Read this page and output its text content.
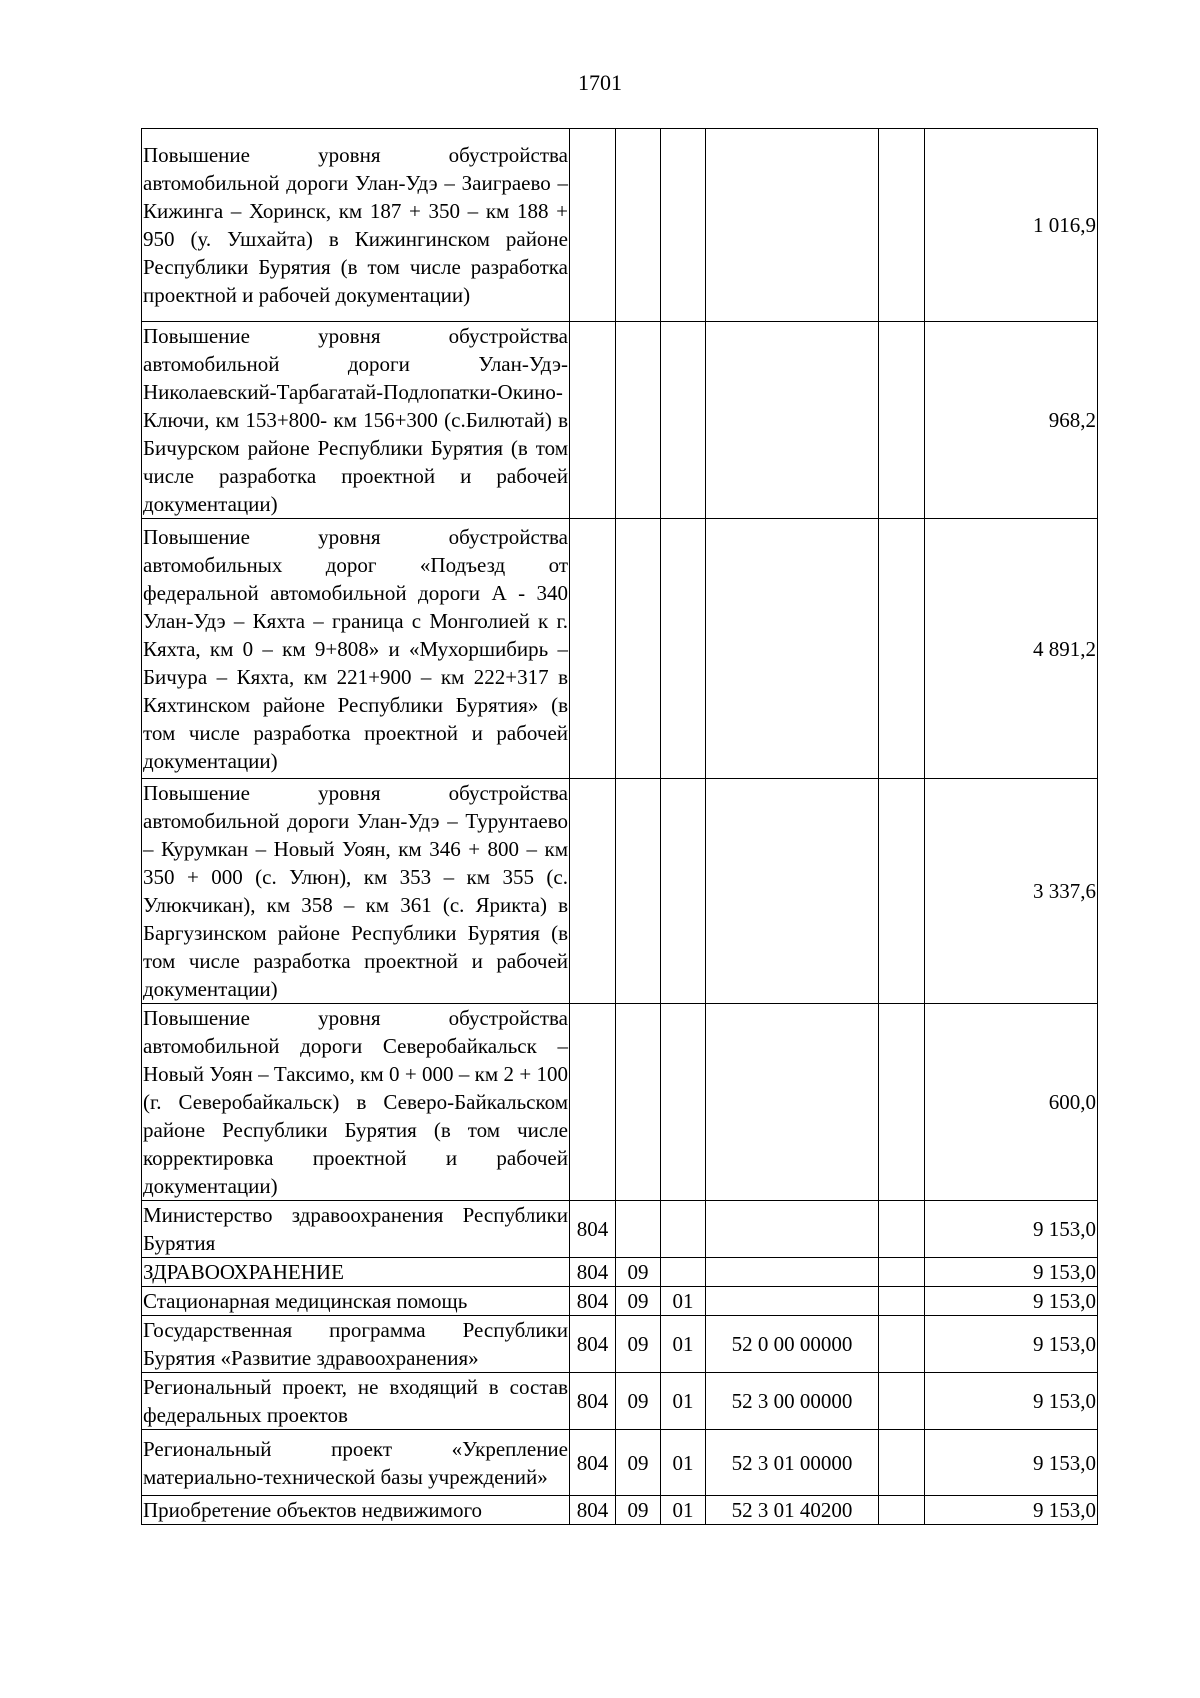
1701
Повышение уровня обустройства автомобильной дороги Улан-Удэ – Заиграево – Кижинга – Хоринск, км 187 + 350 – км 188 + 950 (у. Ушхайта) в Кижингинском районе Республики Бурятия (в том числе разработка проектной и рабочей документации)						1 016,9
Повышение уровня обустройства автомобильной дороги Улан-Удэ-Николаевский-Тарбагатай-Подлопатки-Окино-Ключи, км 153+800- км 156+300 (с.Билютай) в Бичурском районе Республики Бурятия (в том числе разработка проектной и рабочей документации)						968,2
Повышение уровня обустройства автомобильных дорог «Подъезд от федеральной автомобильной дороги А - 340 Улан-Удэ – Кяхта – граница с Монголией к г. Кяхта, км 0 – км 9+808» и «Мухоршибирь – Бичура – Кяхта, км 221+900 – км 222+317 в Кяхтинском районе Республики Бурятия» (в том числе разработка проектной и рабочей документации)						4 891,2
Повышение уровня обустройства автомобильной дороги Улан-Удэ – Турунтаево – Курумкан – Новый Уоян, км 346 + 800 – км 350 + 000 (с. Улюн), км 353 – км 355 (с. Улюкчикан), км 358 – км 361 (с. Ярикта) в Баргузинском районе Республики Бурятия (в том числе разработка проектной и рабочей документации)						3 337,6
Повышение уровня обустройства автомобильной дороги Северобайкальск – Новый Уоян – Таксимо, км 0 + 000 – км 2 + 100 (г. Северобайкальск) в Северо-Байкальском районе Республики Бурятия (в том числе корректировка проектной и рабочей документации)						600,0
Министерство здравоохранения Республики Бурятия	804					9 153,0
ЗДРАВООХРАНЕНИЕ	804	09				9 153,0
Стационарная медицинская помощь	804	09	01			9 153,0
Государственная программа Республики Бурятия «Развитие здравоохранения»	804	09	01	52 0 00 00000		9 153,0
Региональный проект, не входящий в состав федеральных проектов	804	09	01	52 3 00 00000		9 153,0
Региональный проект «Укрепление материально-технической базы учреждений»	804	09	01	52 3 01 00000		9 153,0
Приобретение объектов недвижимого	804	09	01	52 3 01 40200		9 153,0
